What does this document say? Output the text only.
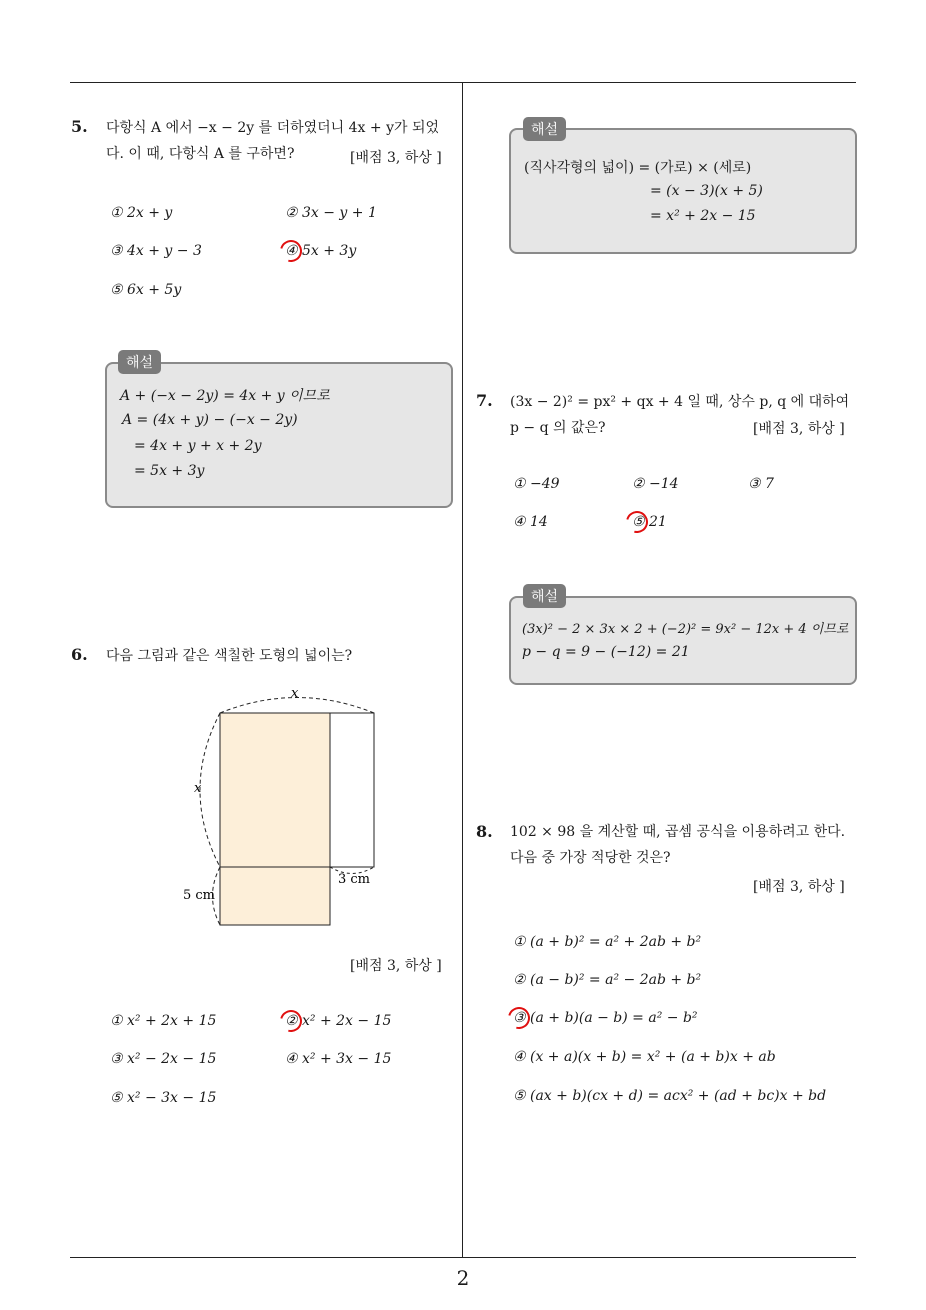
2
5. 다항식 A 에서 −x − 2y 를 더하였더니 4x + y가 되었
다. 이 때, 다항식 A 를 구하면?	[배점 3, 하상 ]
① 2x + y	② 3x − y + 1
③ 4x + y − 3	④ 5x + 3y
⑤ 6x + 5y
해설
A + (−x − 2y) = 4x + y 이므로
A = (4x + y) − (−x − 2y)
= 4x + y + x + 2y
= 5x + 3y
6. 다음 그림과 같은 색칠한 도형의 넓이는?
x
x
5 cm
3 cm
[배점 3, 하상 ]
① x² + 2x + 15	② x² + 2x − 15
③ x² − 2x − 15	④ x² + 3x − 15
⑤ x² − 3x − 15
해설
(직사각형의 넓이) = (가로) × (세로)
= (x − 3)(x + 5)
= x² + 2x − 15
7. (3x − 2)² = px² + qx + 4 일 때, 상수 p, q 에 대하여
p − q 의 값은?	[배점 3, 하상 ]
① −49	② −14	③ 7
④ 14	⑤ 21
해설
(3x)² − 2 × 3x × 2 + (−2)² = 9x² − 12x + 4 이므로
p − q = 9 − (−12) = 21
8. 102 × 98 을 계산할 때, 곱셈 공식을 이용하려고 한다.
다음 중 가장 적당한 것은?
[배점 3, 하상 ]
① (a + b)² = a² + 2ab + b²
② (a − b)² = a² − 2ab + b²
③ (a + b)(a − b) = a² − b²
④ (x + a)(x + b) = x² + (a + b)x + ab
⑤ (ax + b)(cx + d) = acx² + (ad + bc)x + bd
